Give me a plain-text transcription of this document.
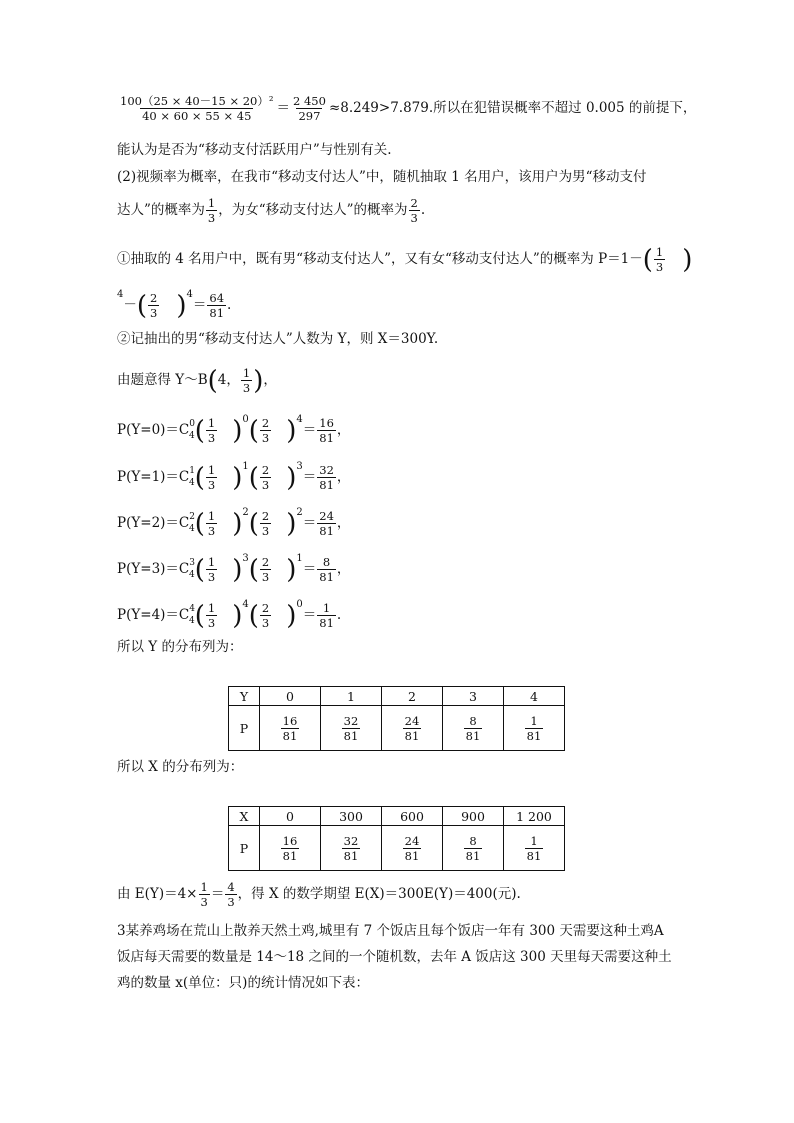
$\frac{\text{100（25 × 40－15 × 20）²}}{40 \times 60 \times 55 \times 45} = \frac{2 450}{297} \approx 8.249>7.879$.所以在犯错误概率不超过 0.005 的前提下，
能认为是否为“移动支付活跃用户”与性别有关.
(2)视频率为概率，在我市“移动支付达人”中，随机抽取 1 名用户，该用户为男“移动支付
达人”的概率为 $\frac{1}{3}$ ，为女“移动支付达人”的概率为 $\frac{2}{3}$ .
①抽取的 4 名用户中，既有男“移动支付达人”，又有女“移动支付达人”的概率为 $P=1-( \frac{1}{3}$ )
$^4-( \frac{2}{3} )^4= \frac{64}{81}$ .
②记抽出的男“移动支付达人”人数为 Y，则 X＝300Y.
由题意得 Y～B(4， $\frac{1}{3}$ )，
$P(Y=0)=C^0_4( \frac{1}{3} )^0( \frac{2}{3} )^4= \frac{16}{81}$ ，
$P(Y=1)=C^1_4( \frac{1}{3} )^1( \frac{2}{3} )^3= \frac{32}{81}$ ，
$P(Y=2)=C^2_4( \frac{1}{3} )^2( \frac{2}{3} )^2= \frac{24}{81}$ ，
$P(Y=3)=C^3_4( \frac{1}{3} )^3( \frac{2}{3} )^1= \frac{8}{81}$ ，
$P(Y=4)=C^4_4( \frac{1}{3} )^4( \frac{2}{3} )^0= \frac{1}{81}$ .
所以 Y 的分布列为：
Y	0	1	2	3	4
P	$\frac{16}{81}$	$\frac{32}{81}$	$\frac{24}{81}$	$\frac{8}{81}$	$\frac{1}{81}$
所以 X 的分布列为：
X	0	300	600	900	1 200
P	$\frac{16}{81}$	$\frac{32}{81}$	$\frac{24}{81}$	$\frac{8}{81}$	$\frac{1}{81}$
由 $E(Y)=4\times \frac{1}{3} = \frac{4}{3}$ ，得 X 的数学期望 E(X)＝300E(Y)＝400(元).
3某养鸡场在荒山上散养天然土鸡,城里有 7 个饭店且每个饭店一年有 300 天需要这种土鸡A
饭店每天需要的数量是 14～18 之间的一个随机数，去年 A 饭店这 300 天里每天需要这种土
鸡的数量 x(单位：只)的统计情况如下表：
